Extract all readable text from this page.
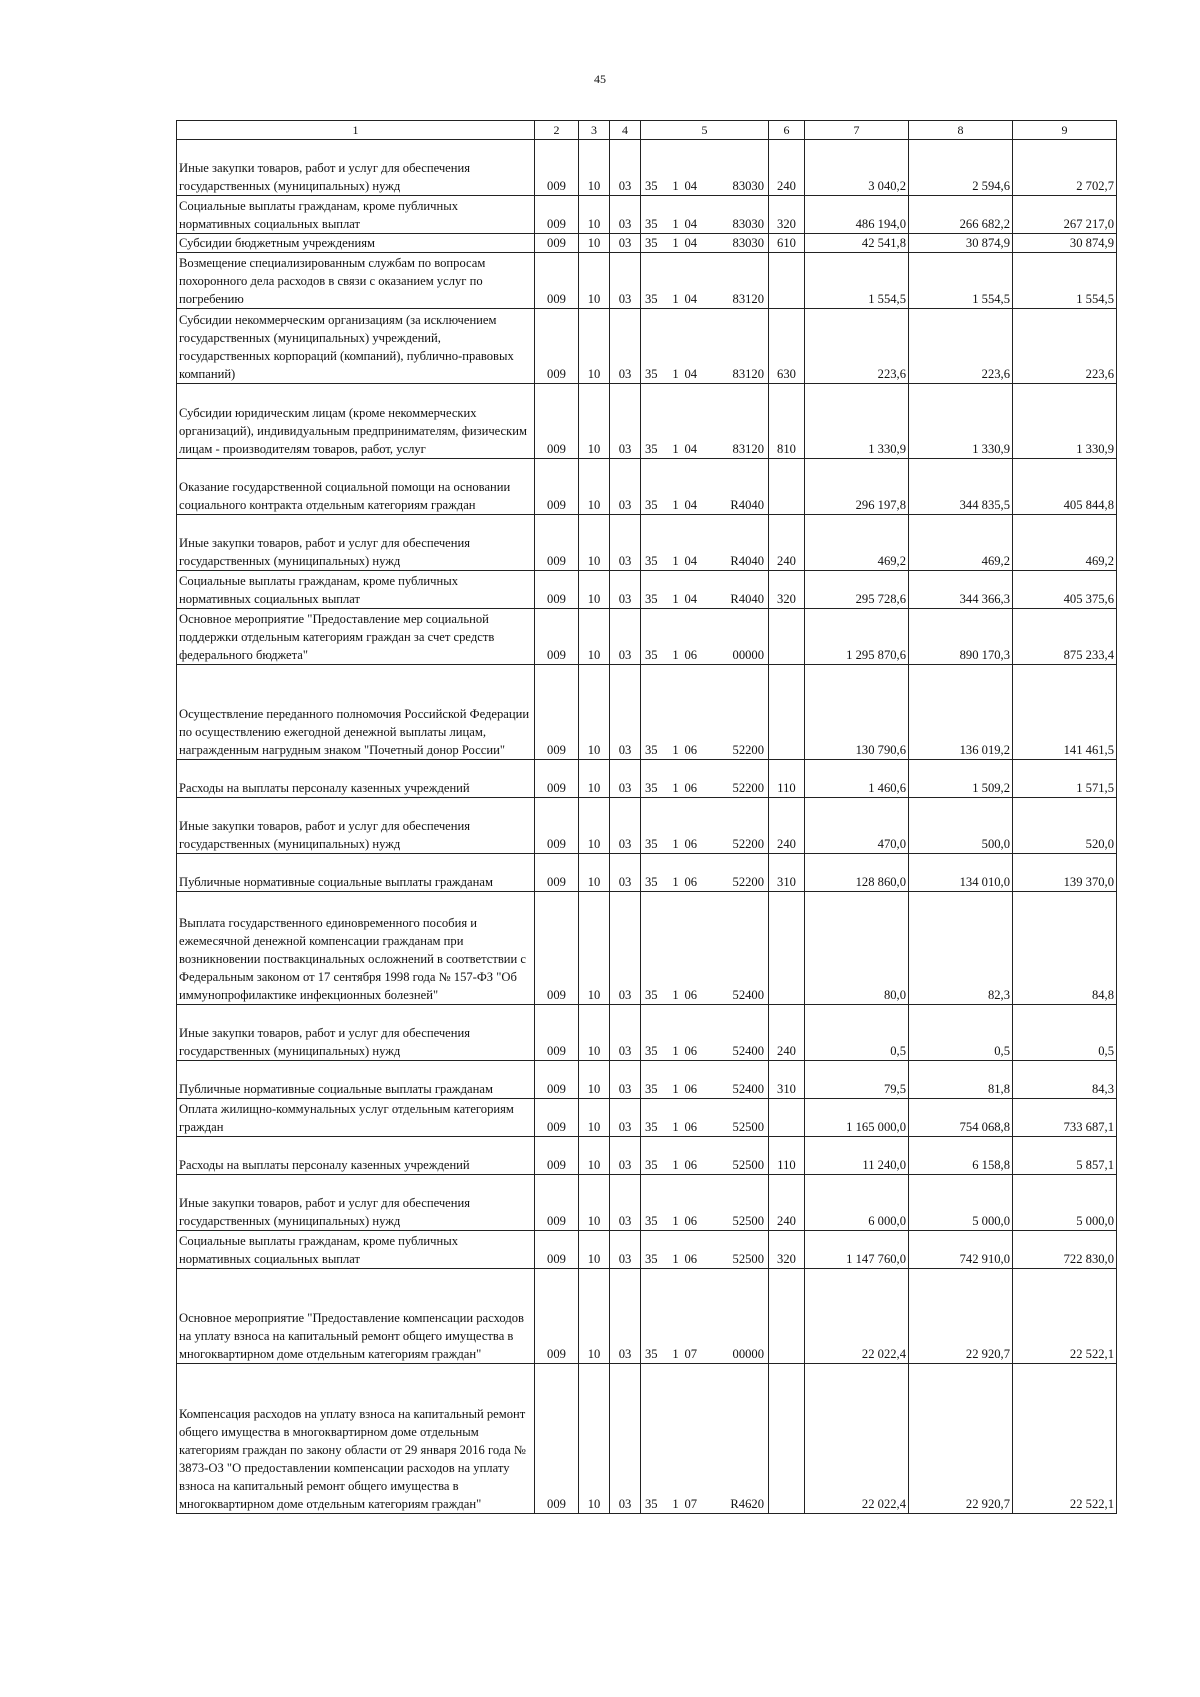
45
1	2	3	4	5				6	7	8	9
Иные закупки товаров, работ и услуг для обеспечения государственных (муниципальных) нужд	009	10	03	35	1	04	83030	240	3 040,2	2 594,6	2 702,7
Социальные выплаты гражданам, кроме публичных нормативных социальных выплат	009	10	03	35	1	04	83030	320	486 194,0	266 682,2	267 217,0
Субсидии бюджетным учреждениям	009	10	03	35	1	04	83030	610	42 541,8	30 874,9	30 874,9
Возмещение специализированным службам по вопросам похоронного дела расходов в связи с оказанием услуг по погребению	009	10	03	35	1	04	83120		1 554,5	1 554,5	1 554,5
Субсидии некоммерческим организациям (за исключением государственных (муниципальных) учреждений, государственных корпораций (компаний), публично-правовых компаний)	009	10	03	35	1	04	83120	630	223,6	223,6	223,6
Субсидии юридическим лицам (кроме некоммерческих организаций), индивидуальным предпринимателям, физическим лицам - производителям товаров, работ, услуг	009	10	03	35	1	04	83120	810	1 330,9	1 330,9	1 330,9
Оказание государственной социальной помощи на основании социального контракта отдельным категориям граждан	009	10	03	35	1	04	R4040		296 197,8	344 835,5	405 844,8
Иные закупки товаров, работ и услуг для обеспечения государственных (муниципальных) нужд	009	10	03	35	1	04	R4040	240	469,2	469,2	469,2
Социальные выплаты гражданам, кроме публичных нормативных социальных выплат	009	10	03	35	1	04	R4040	320	295 728,6	344 366,3	405 375,6
Основное мероприятие "Предоставление мер социальной поддержки отдельным категориям граждан за счет средств федерального бюджета"	009	10	03	35	1	06	00000		1 295 870,6	890 170,3	875 233,4
Осуществление переданного полномочия Российской Федерации по осуществлению ежегодной денежной выплаты лицам, награжденным нагрудным знаком "Почетный донор России"	009	10	03	35	1	06	52200		130 790,6	136 019,2	141 461,5
Расходы на выплаты персоналу казенных учреждений	009	10	03	35	1	06	52200	110	1 460,6	1 509,2	1 571,5
Иные закупки товаров, работ и услуг для обеспечения государственных (муниципальных) нужд	009	10	03	35	1	06	52200	240	470,0	500,0	520,0
Публичные нормативные социальные выплаты гражданам	009	10	03	35	1	06	52200	310	128 860,0	134 010,0	139 370,0
Выплата государственного единовременного пособия и ежемесячной денежной компенсации гражданам при возникновении поствакцинальных осложнений в соответствии с Федеральным законом от 17 сентября 1998 года № 157-ФЗ "Об иммунопрофилактике инфекционных болезней"	009	10	03	35	1	06	52400		80,0	82,3	84,8
Иные закупки товаров, работ и услуг для обеспечения государственных (муниципальных) нужд	009	10	03	35	1	06	52400	240	0,5	0,5	0,5
Публичные нормативные социальные выплаты гражданам	009	10	03	35	1	06	52400	310	79,5	81,8	84,3
Оплата жилищно-коммунальных услуг отдельным категориям граждан	009	10	03	35	1	06	52500		1 165 000,0	754 068,8	733 687,1
Расходы на выплаты персоналу казенных учреждений	009	10	03	35	1	06	52500	110	11 240,0	6 158,8	5 857,1
Иные закупки товаров, работ и услуг для обеспечения государственных (муниципальных) нужд	009	10	03	35	1	06	52500	240	6 000,0	5 000,0	5 000,0
Социальные выплаты гражданам, кроме публичных нормативных социальных выплат	009	10	03	35	1	06	52500	320	1 147 760,0	742 910,0	722 830,0
Основное мероприятие "Предоставление компенсации расходов на уплату взноса на капитальный ремонт общего имущества в многоквартирном доме отдельным категориям граждан"	009	10	03	35	1	07	00000		22 022,4	22 920,7	22 522,1
Компенсация расходов на уплату взноса на капитальный ремонт общего имущества в многоквартирном доме отдельным категориям граждан по закону области от 29 января 2016 года № 3873-ОЗ "О предоставлении компенсации расходов на уплату взноса на капитальный ремонт общего имущества в многоквартирном доме отдельным категориям граждан"	009	10	03	35	1	07	R4620		22 022,4	22 920,7	22 522,1
